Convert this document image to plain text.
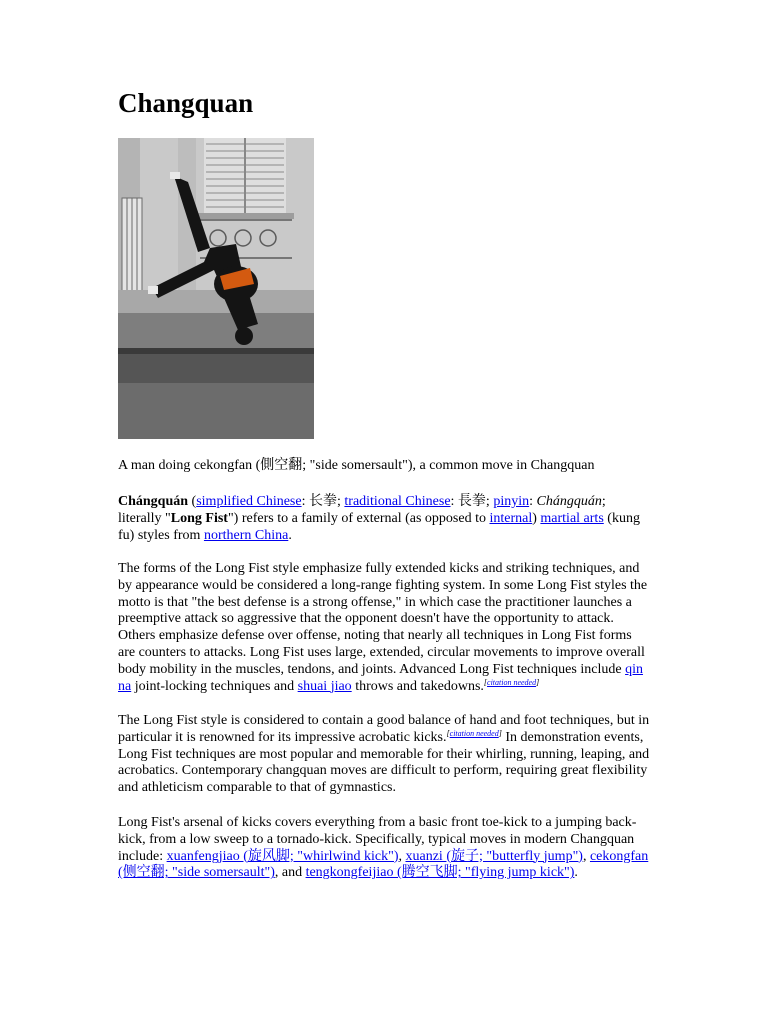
Changquan

A man doing cekongfan (側空翻; "side somersault"), a common move in Changquan

Chángquán (simplified Chinese: 长拳; traditional Chinese: 長拳; pinyin: Chángquán; literally "Long Fist") refers to a family of external (as opposed to internal) martial arts (kung fu) styles from northern China.

The forms of the Long Fist style emphasize fully extended kicks and striking techniques, and by appearance would be considered a long-range fighting system. In some Long Fist styles the motto is that "the best defense is a strong offense," in which case the practitioner launches a preemptive attack so aggressive that the opponent doesn't have the opportunity to attack. Others emphasize defense over offense, noting that nearly all techniques in Long Fist forms are counters to attacks. Long Fist uses large, extended, circular movements to improve overall body mobility in the muscles, tendons, and joints. Advanced Long Fist techniques include qin na joint-locking techniques and shuai jiao throws and takedowns.[citation needed]

The Long Fist style is considered to contain a good balance of hand and foot techniques, but in particular it is renowned for its impressive acrobatic kicks.[citation needed] In demonstration events, Long Fist techniques are most popular and memorable for their whirling, running, leaping, and acrobatics. Contemporary changquan moves are difficult to perform, requiring great flexibility and athleticism comparable to that of gymnastics.

Long Fist's arsenal of kicks covers everything from a basic front toe-kick to a jumping back-kick, from a low sweep to a tornado-kick. Specifically, typical moves in modern Changquan include: xuanfengjiao (旋风脚; "whirlwind kick"), xuanzi (旋子; "butterfly jump"), cekongfan (侧空翻; "side somersault"), and tengkongfeijiao (腾空飞脚; "flying jump kick").
